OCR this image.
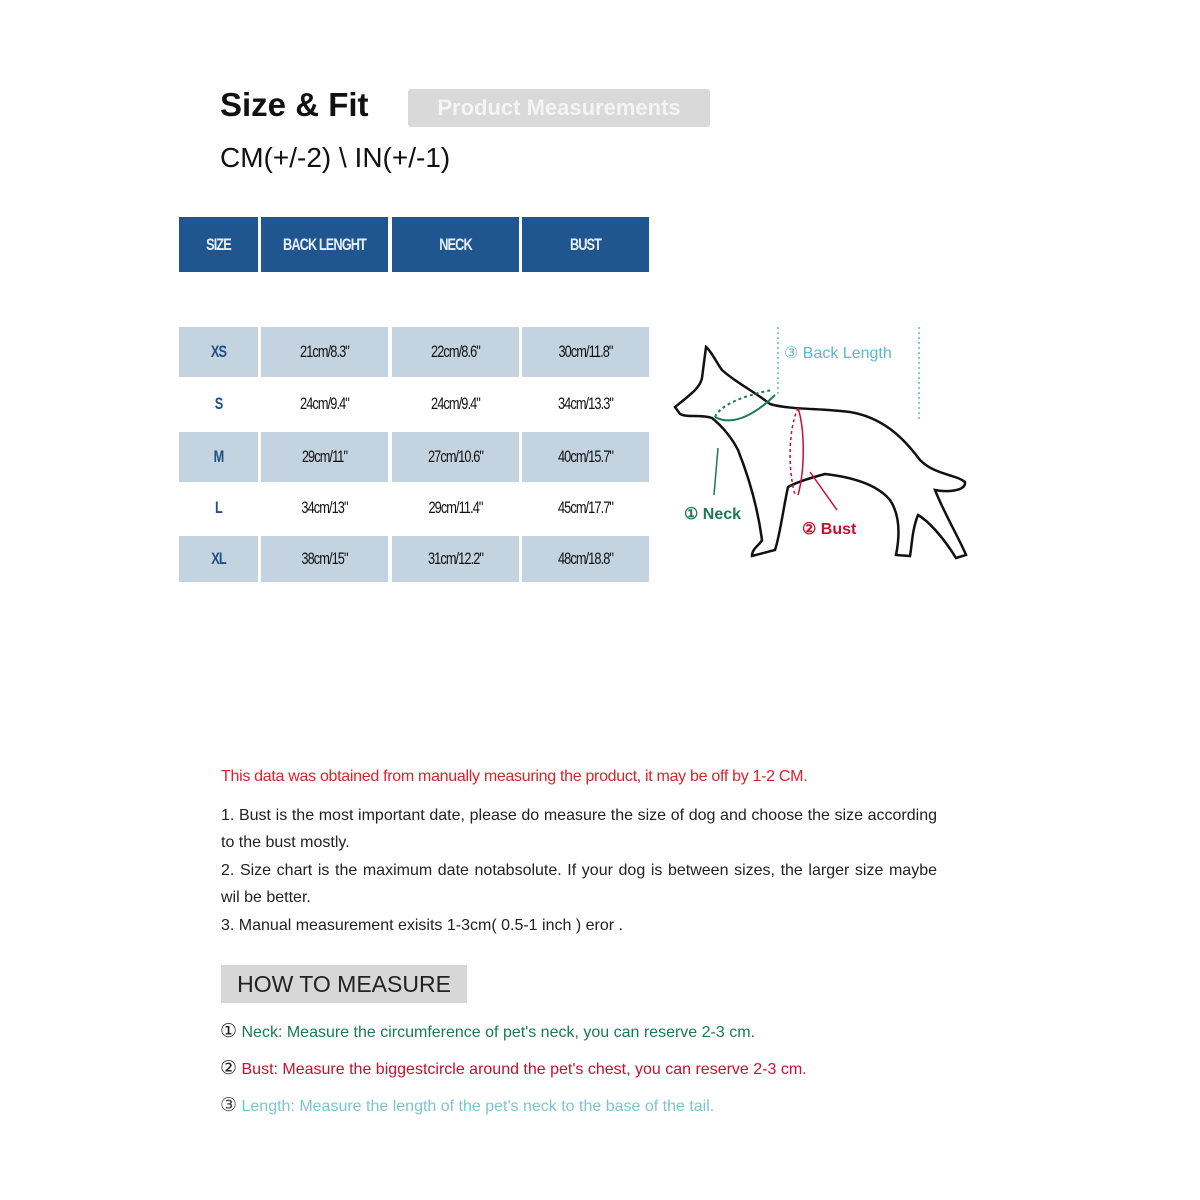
Size & Fit	Product Measurements
CM(+/-2) \ IN(+/-1)
SIZE	BACK LENGHT	NECK	BUST
XS	21cm/8.3"	22cm/8.6"	30cm/11.8"
S	24cm/9.4"	24cm/9.4"	34cm/13.3"
M	29cm/11"	27cm/10.6"	40cm/15.7"
L	34cm/13"	29cm/11.4"	45cm/17.7"
XL	38cm/15"	31cm/12.2"	48cm/18.8"
③ Back Length
① Neck
② Bust
This data was obtained from manually measuring the product, it may be off by 1-2 CM.
1. Bust is the most important date, please do measure the size of dog and choose the size according to the bust mostly.
2. Size chart is the maximum date notabsolute. If your dog is between sizes, the larger size maybe wil be better.
3. Manual measurement exisits 1-3cm( 0.5-1 inch ) eror .
HOW TO MEASURE
① Neck: Measure the circumference of pet's neck, you can reserve 2-3 cm.
② Bust: Measure the biggestcircle around the pet's chest, you can reserve 2-3 cm.
③ Length: Measure the length of the pet's neck to the base of the tail.
